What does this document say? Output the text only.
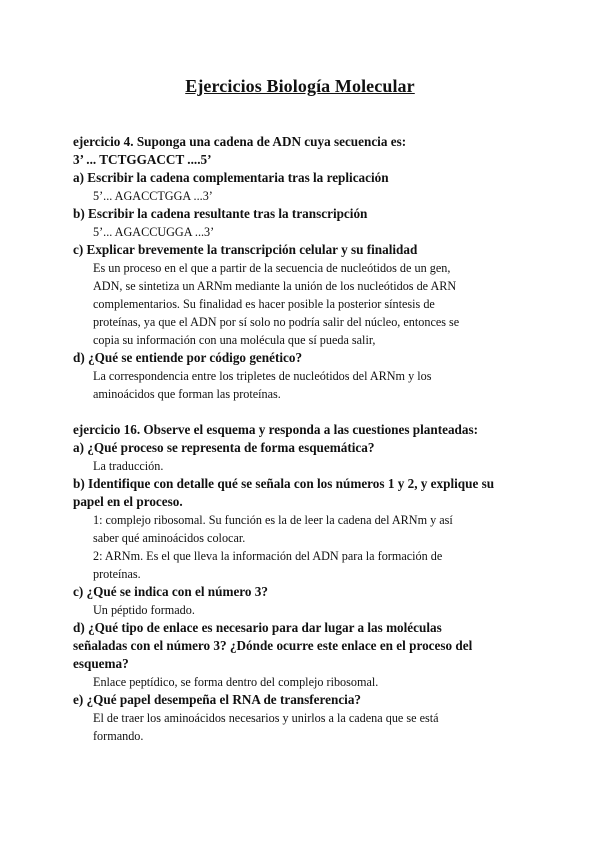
Ejercicios Biología Molecular
ejercicio 4. Suponga una cadena de ADN cuya secuencia es:
3’ ... TCTGGACCT ....5’
a) Escribir la cadena complementaria tras la replicación
5’... AGACCTGGA ...3’
b) Escribir la cadena resultante tras la transcripción
5’... AGACCUGGA ...3’
c) Explicar brevemente la transcripción celular y su finalidad
Es un proceso en el que a partir de la secuencia de nucleótidos de un gen,
ADN, se sintetiza un ARNm mediante la unión de los nucleótidos de ARN
complementarios. Su finalidad es hacer posible la posterior síntesis de
proteínas, ya que el ADN por sí solo no podría salir del núcleo, entonces se
copia su información con una molécula que sí pueda salir,
d) ¿Qué se entiende por código genético?
La correspondencia entre los tripletes de nucleótidos del ARNm y los
aminoácidos que forman las proteínas.
ejercicio 16. Observe el esquema y responda a las cuestiones planteadas:
a) ¿Qué proceso se representa de forma esquemática?
La traducción.
b) Identifique con detalle qué se señala con los números 1 y 2, y explique su
papel en el proceso.
1: complejo ribosomal. Su función es la de leer la cadena del ARNm y así
saber qué aminoácidos colocar.
2: ARNm. Es el que lleva la información del ADN para la formación de
proteínas.
c) ¿Qué se indica con el número 3?
Un péptido formado.
d) ¿Qué tipo de enlace es necesario para dar lugar a las moléculas
señaladas con el número 3? ¿Dónde ocurre este enlace en el proceso del
esquema?
Enlace peptídico, se forma dentro del complejo ribosomal.
e) ¿Qué papel desempeña el RNA de transferencia?
El de traer los aminoácidos necesarios y unirlos a la cadena que se está
formando.
